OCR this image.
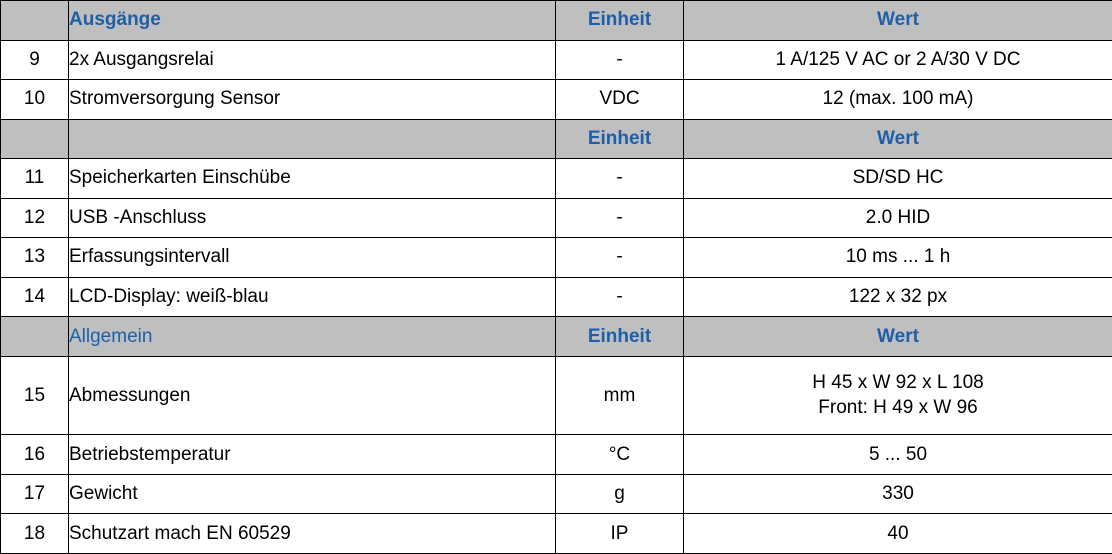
	Ausgänge	Einheit	Wert
9	2x Ausgangsrelai	-	1 A/125 V AC or 2 A/30 V DC
10	Stromversorgung Sensor	VDC	12 (max. 100 mA)
		Einheit	Wert
11	Speicherkarten Einschübe	-	SD/SD HC
12	USB -Anschluss	-	2.0 HID
13	Erfassungsintervall	-	10 ms ... 1 h
14	LCD-Display: weiß-blau	-	122 x 32 px
	Allgemein	Einheit	Wert
15	Abmessungen	mm	H 45 x W 92 x L 108
Front: H 49 x W 96

16	Betriebstemperatur	°C	5 ... 50
17	Gewicht	g	330
18	Schutzart mach EN 60529	IP	40
